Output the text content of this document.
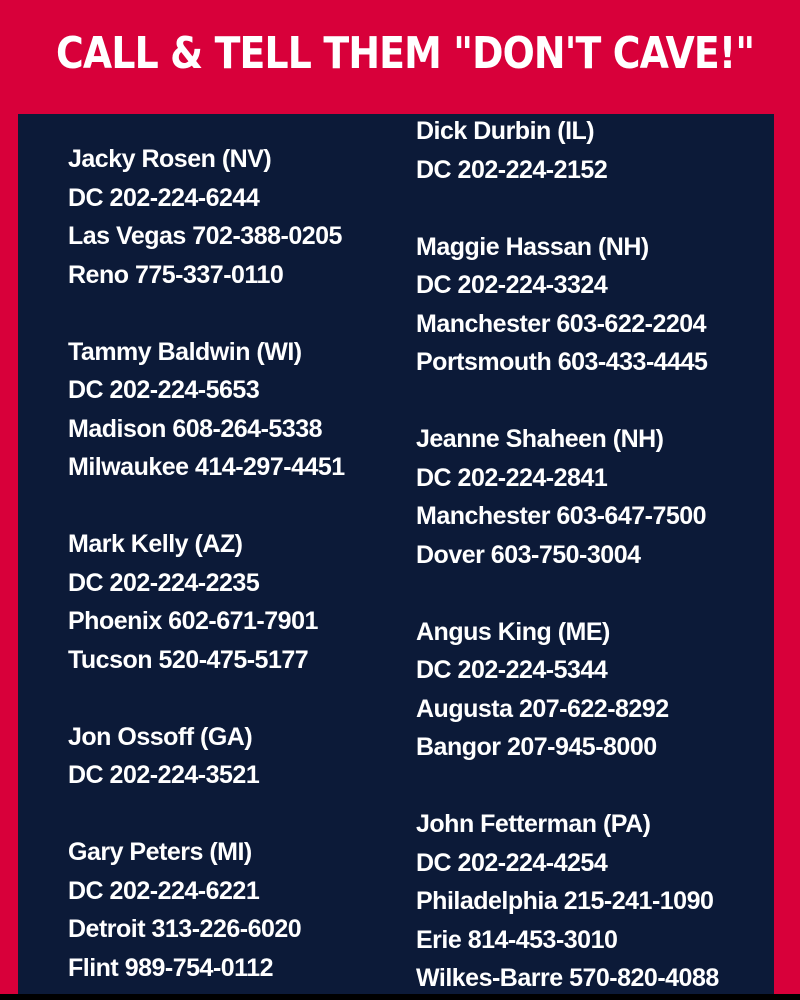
CALL & TELL THEM "DON'T CAVE!"
Jacky Rosen (NV)
DC 202-224-6244
Las Vegas 702-388-0205
Reno 775-337-0110
Tammy Baldwin (WI)
DC 202-224-5653
Madison 608-264-5338
Milwaukee 414-297-4451
Mark Kelly (AZ)
DC 202-224-2235
Phoenix 602-671-7901
Tucson 520-475-5177
Jon Ossoff (GA)
DC 202-224-3521
Gary Peters (MI)
DC 202-224-6221
Detroit 313-226-6020
Flint 989-754-0112
Dick Durbin (IL)
DC 202-224-2152
Maggie Hassan (NH)
DC 202-224-3324
Manchester 603-622-2204
Portsmouth 603-433-4445
Jeanne Shaheen (NH)
DC 202-224-2841
Manchester 603-647-7500
Dover 603-750-3004
Angus King (ME)
DC 202-224-5344
Augusta 207-622-8292
Bangor 207-945-8000
John Fetterman (PA)
DC 202-224-4254
Philadelphia 215-241-1090
Erie 814-453-3010
Wilkes-Barre 570-820-4088
